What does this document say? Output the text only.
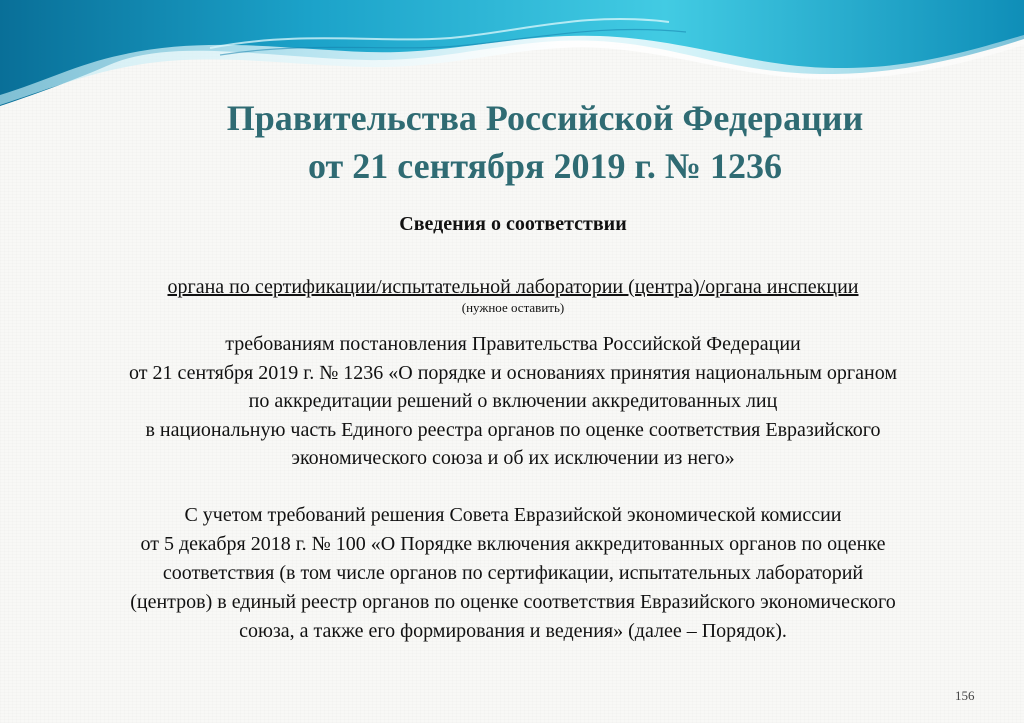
Правительства Российской Федерации
от 21 сентября 2019 г. № 1236
Сведения о соответствии
органа по сертификации/испытательной лаборатории (центра)/органа инспекции
(нужное оставить)
требованиям постановления Правительства Российской Федерации
от 21 сентября 2019 г. № 1236 «О порядке и основаниях принятия национальным органом
по аккредитации решений о включении аккредитованных лиц
в национальную часть Единого реестра органов по оценке соответствия Евразийского
экономического союза и об их исключении из него»
С учетом требований решения Совета Евразийской экономической комиссии
от 5 декабря 2018 г. № 100 «О Порядке включения аккредитованных органов по оценке
соответствия (в том числе органов по сертификации, испытательных лабораторий
(центров) в единый реестр органов по оценке соответствия Евразийского экономического
союза, а также его формирования и ведения» (далее – Порядок).
156
